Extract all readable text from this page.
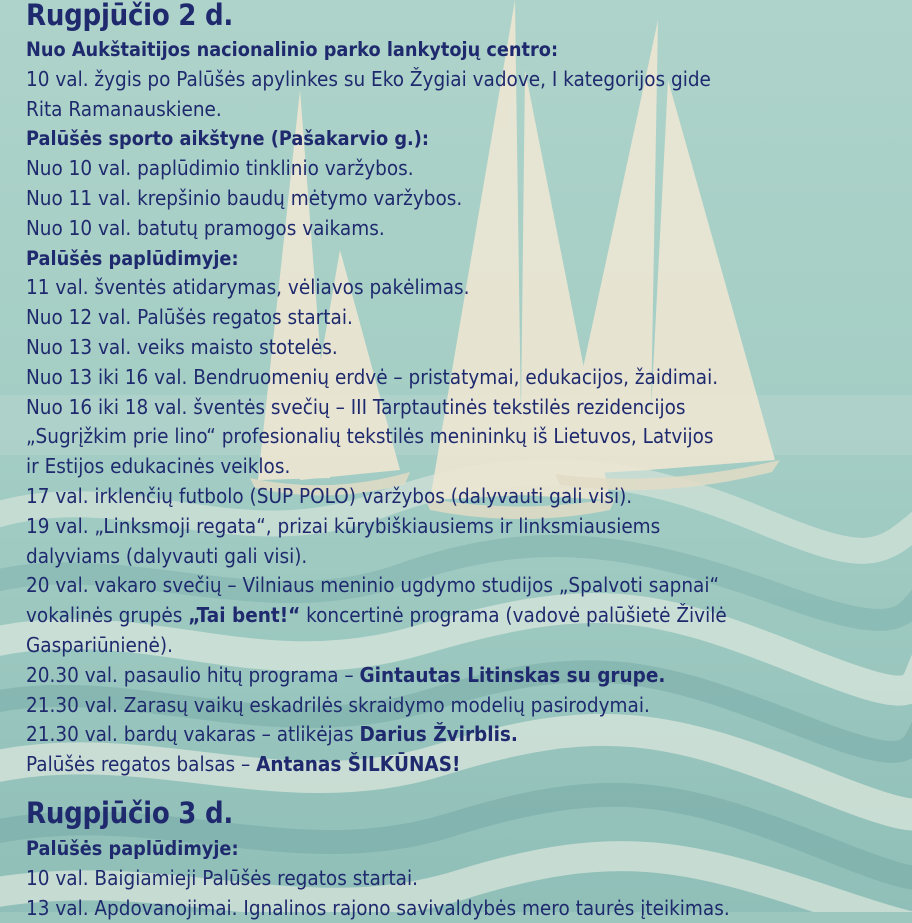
Rugpjūčio 2 d.
Nuo Aukštaitijos nacionalinio parko lankytojų centro:
10 val. žygis po Palūšės apylinkes su Eko Žygiai vadove, I kategorijos gide
Rita Ramanauskiene.
Palūšės sporto aikštyne (Pašakarvio g.):
Nuo 10 val. paplūdimio tinklinio varžybos.
Nuo 11 val. krepšinio baudų mėtymo varžybos.
Nuo 10 val. batutų pramogos vaikams.
Palūšės paplūdimyje:
11 val. šventės atidarymas, vėliavos pakėlimas.
Nuo 12 val. Palūšės regatos startai.
Nuo 13 val. veiks maisto stotelės.
Nuo 13 iki 16 val. Bendruomenių erdvė – pristatymai, edukacijos, žaidimai.
Nuo 16 iki 18 val. šventės svečių – III Tarptautinės tekstilės rezidencijos
„Sugrįžkim prie lino“ profesionalių tekstilės menininkų iš Lietuvos, Latvijos
ir Estijos edukacinės veiklos.
17 val. irklenčių futbolo (SUP POLO) varžybos (dalyvauti gali visi).
19 val. „Linksmoji regata“, prizai kūrybiškiausiems ir linksmiausiems
dalyviams (dalyvauti gali visi).
20 val. vakaro svečių – Vilniaus meninio ugdymo studijos „Spalvoti sapnai“
vokalinės grupės „Tai bent!“ koncertinė programa (vadovė palūšietė Živilė
Gaspariūnienė).
20.30 val. pasaulio hitų programa – Gintautas Litinskas su grupe.
21.30 val. Zarasų vaikų eskadrilės skraidymo modelių pasirodymai.
21.30 val. bardų vakaras – atlikėjas Darius Žvirblis.
Palūšės regatos balsas – Antanas ŠILKŪNAS!
Rugpjūčio 3 d.
Palūšės paplūdimyje:
10 val. Baigiamieji Palūšės regatos startai.
13 val. Apdovanojimai. Ignalinos rajono savivaldybės mero taurės įteikimas.
